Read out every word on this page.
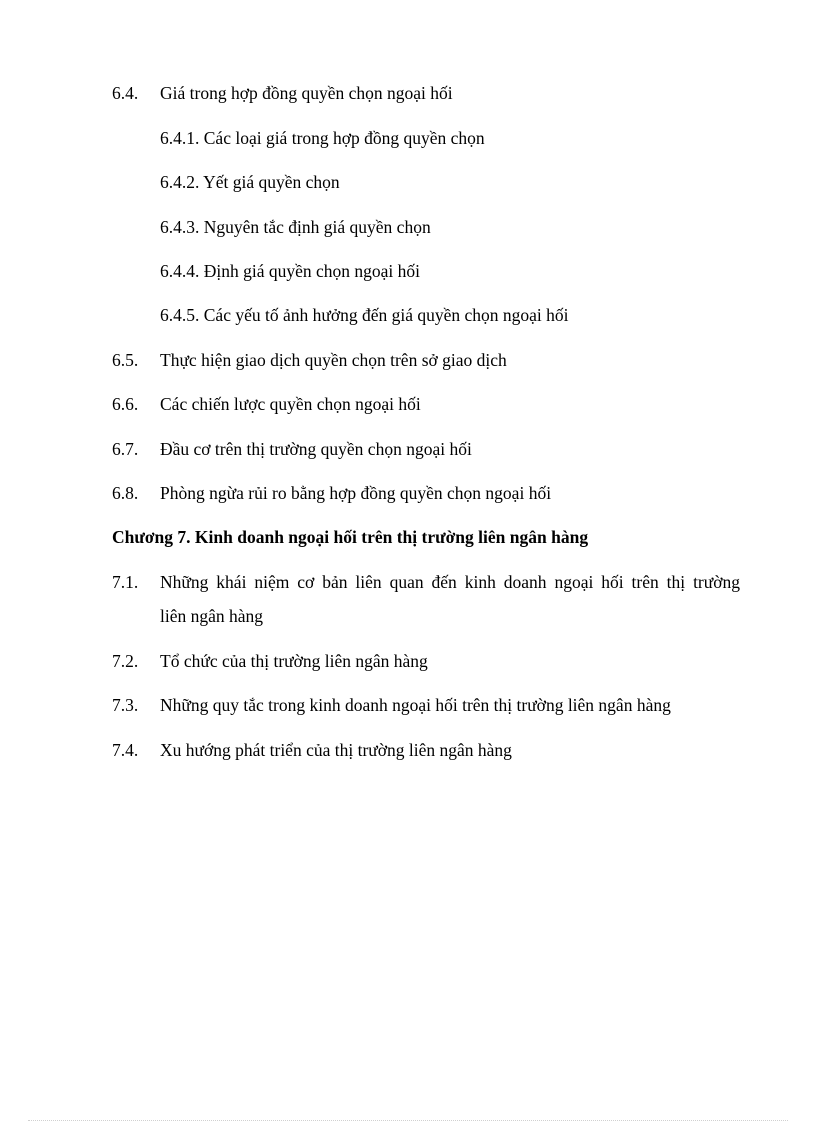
6.4. Giá trong hợp đồng quyền chọn ngoại hối
6.4.1. Các loại giá trong hợp đồng quyền chọn
6.4.2. Yết giá quyền chọn
6.4.3. Nguyên tắc định giá quyền chọn
6.4.4. Định giá quyền chọn ngoại hối
6.4.5. Các yếu tố ảnh hưởng đến giá quyền chọn ngoại hối
6.5. Thực hiện giao dịch quyền chọn trên sở giao dịch
6.6. Các chiến lược quyền chọn ngoại hối
6.7. Đầu cơ trên thị trường quyền chọn ngoại hối
6.8. Phòng ngừa rủi ro bằng hợp đồng quyền chọn ngoại hối
Chương 7. Kinh doanh ngoại hối trên thị trường liên ngân hàng
7.1. Những khái niệm cơ bản liên quan đến kinh doanh ngoại hối trên thị trường
liên ngân hàng
7.2. Tổ chức của thị trường liên ngân hàng
7.3. Những quy tắc trong kinh doanh ngoại hối trên thị trường liên ngân hàng
7.4. Xu hướng phát triển của thị trường liên ngân hàng
